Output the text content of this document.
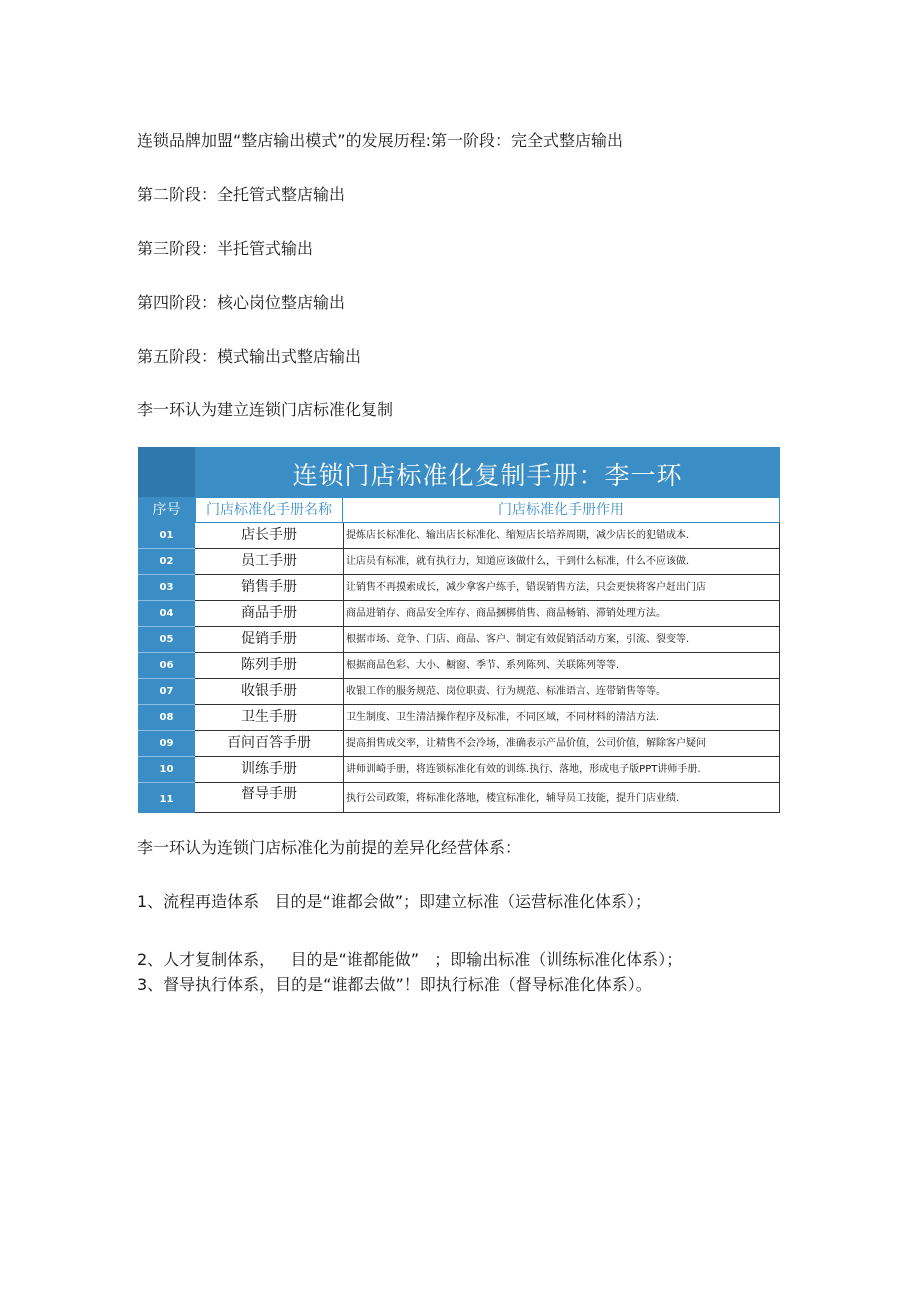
连锁品牌加盟“整店输出模式”的发展历程:第一阶段：完全式整店输出

第二阶段：全托管式整店输出

第三阶段：半托管式输出

第四阶段：核心岗位整店输出

第五阶段：模式输出式整店输出

李一环认为建立连锁门店标准化复制

连锁门店标准化复制手册：李一环
序号	门店标准化手册名称	门店标准化手册作用
01	店长手册	提炼店长标准化、输出店长标准化、缩短店长培养周期，减少店长的犯错成本.
02	员工手册	让店员有标准，就有执行力，知道应该做什么，干到什么标准，什么不应该做.
03	销售手册	让销售不再摸索成长，减少拿客户练手，错误销售方法，只会更快将客户赶出门店
04	商品手册	商品进销存、商品安全库存、商品捆梆俏售、商品畅销、滞销处理方法。
05	促销手册	根据市场、竞争、门店、商品、客户、制定有效促销活动方案，引流、裂变等.
06	陈列手册	根据商品色彩、大小、橱窗、季节、系列陈列、关联陈列等等.
07	收银手册	收银工作的服务规范、岗位职责、行为规范、标准语言、连带销售等等。
08	卫生手册	卫生制度、卫生清洁操作程序及标准，不同区域，不同材料的清洁方法.
09	百问百答手册	提高捐售成交率，让精售不会冷场，准确表示产品价值，公司价值，解除客户疑问
10	训练手册	讲师训崎手册，将连锁标准化有效的训练.执行、落地，形成电子版PPT讲师手册.
11	督导手册	执行公司政策，将标准化落地，楼宜标准化，辅导员工技能，提升门店业绩.

李一环认为连锁门店标准化为前提的差异化经营体系：

1、流程再造体系   目的是“谁都会做”；即建立标准（运营标准化体系）；

2、人才复制体系，   目的是“谁都能做”   ；即输出标准（训练标准化体系）；

3、督导执行体系，目的是“谁都去做”！即执行标准（督导标准化体系）。
